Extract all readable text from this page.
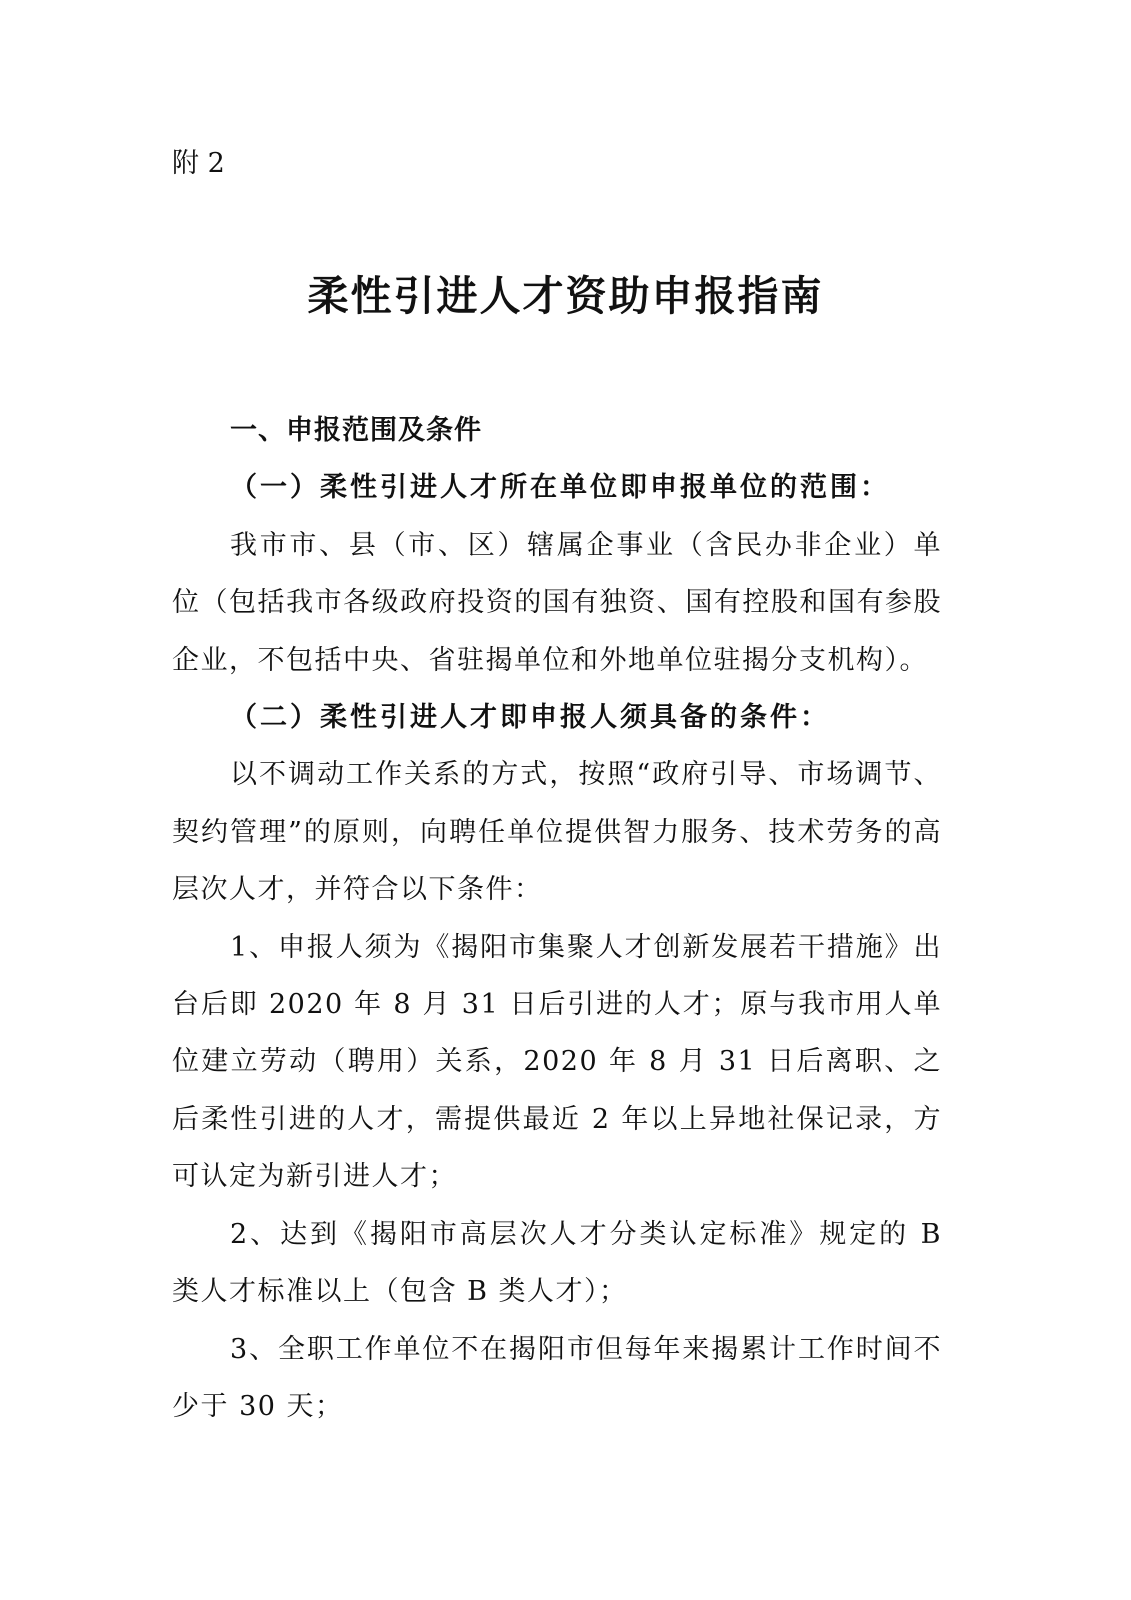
附 2
柔性引进人才资助申报指南

一、申报范围及条件

（一）柔性引进人才所在单位即申报单位的范围：

我市市、县（市、区）辖属企事业（含民办非企业）单位（包括我市各级政府投资的国有独资、国有控股和国有参股企业，不包括中央、省驻揭单位和外地单位驻揭分支机构）。

（二）柔性引进人才即申报人须具备的条件：

以不调动工作关系的方式，按照“政府引导、市场调节、契约管理”的原则，向聘任单位提供智力服务、技术劳务的高层次人才，并符合以下条件：

1、申报人须为《揭阳市集聚人才创新发展若干措施》出台后即 2020 年 8 月 31 日后引进的人才；原与我市用人单位建立劳动（聘用）关系，2020 年 8 月 31 日后离职、之后柔性引进的人才，需提供最近 2 年以上异地社保记录，方可认定为新引进人才；

2、达到《揭阳市高层次人才分类认定标准》规定的 B 类人才标准以上（包含 B 类人才）；

3、全职工作单位不在揭阳市但每年来揭累计工作时间不少于 30 天；
